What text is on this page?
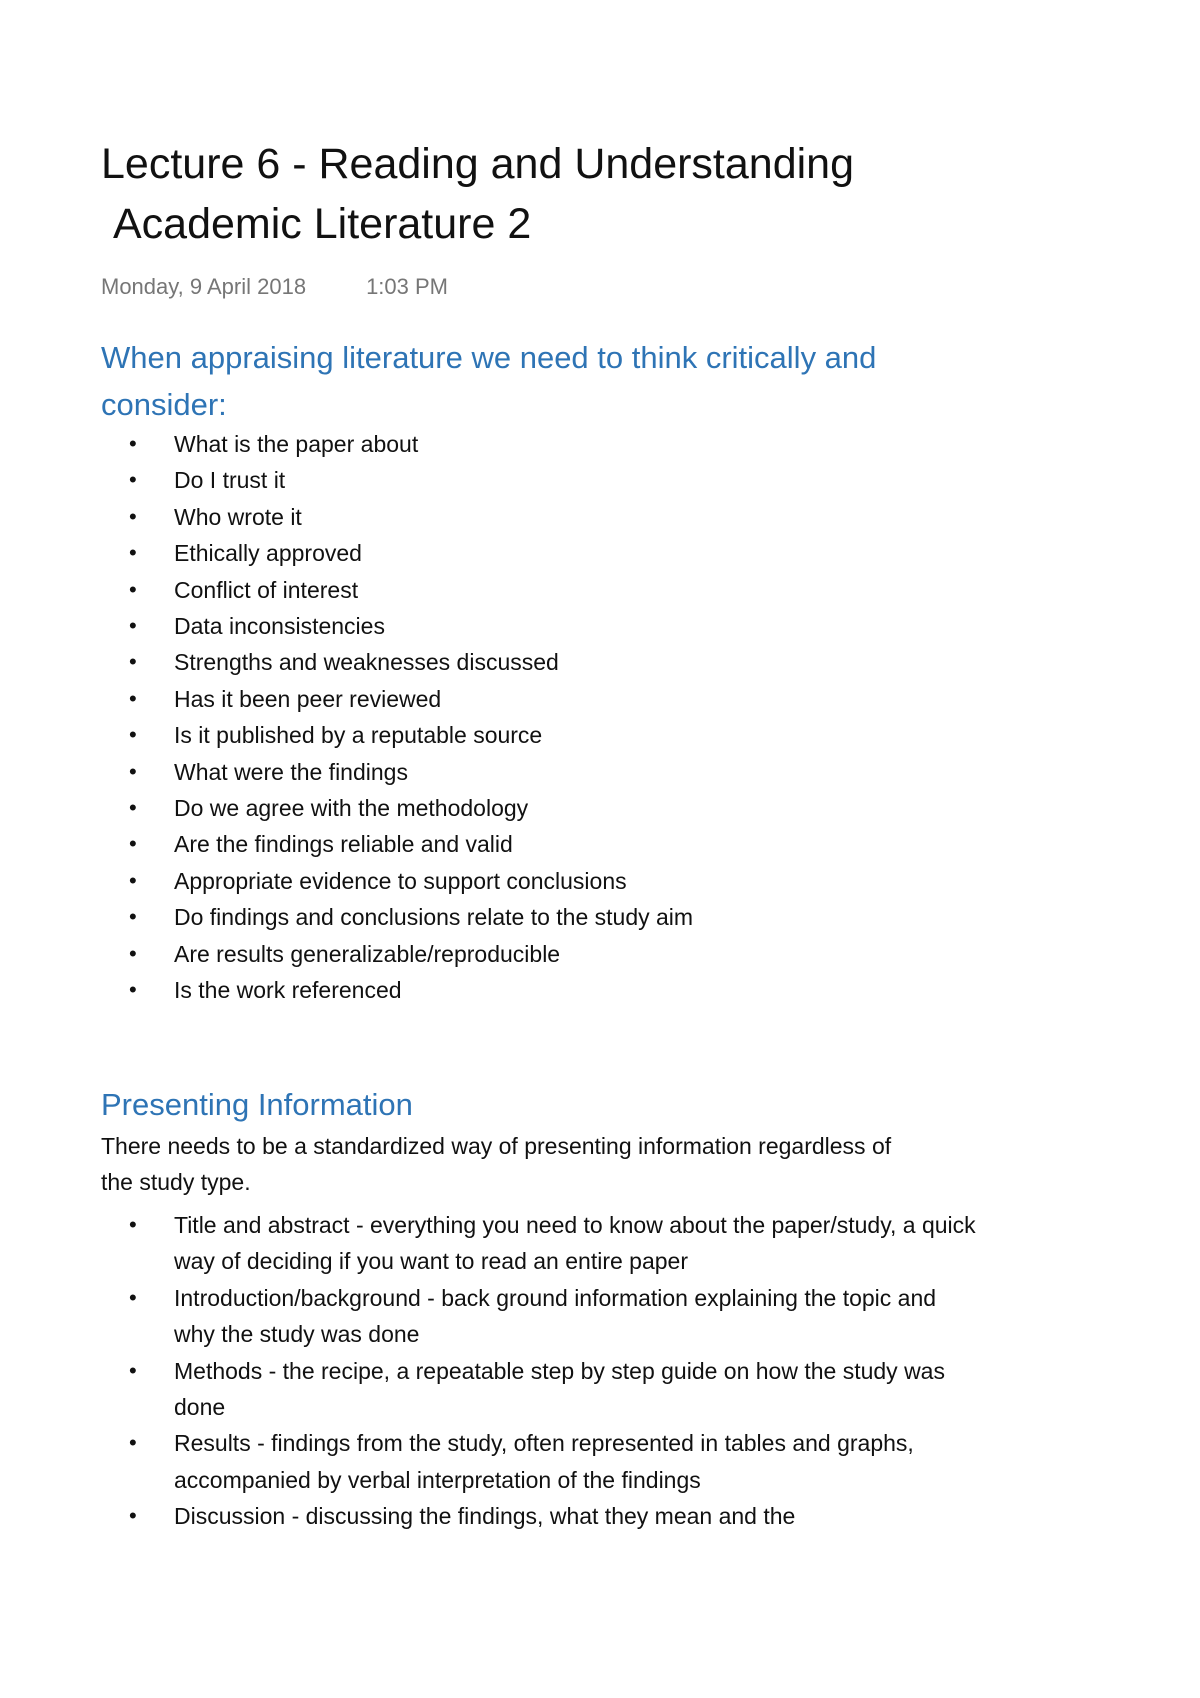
Lecture 6 - Reading and Understanding
Academic Literature 2
Monday, 9 April 2018	1:03 PM
When appraising literature we need to think critically and consider:
• What is the paper about
• Do I trust it
• Who wrote it
• Ethically approved
• Conflict of interest
• Data inconsistencies
• Strengths and weaknesses discussed
• Has it been peer reviewed
• Is it published by a reputable source
• What were the findings
• Do we agree with the methodology
• Are the findings reliable and valid
• Appropriate evidence to support conclusions
• Do findings and conclusions relate to the study aim
• Are results generalizable/reproducible
• Is the work referenced
Presenting Information

There needs to be a standardized way of presenting information regardless of the study type.

• Title and abstract - everything you need to know about the paper/study, a quick way of deciding if you want to read an entire paper
• Introduction/background - back ground information explaining the topic and why the study was done
• Methods - the recipe, a repeatable step by step guide on how the study was done
• Results - findings from the study, often represented in tables and graphs, accompanied by verbal interpretation of the findings
• Discussion - discussing the findings, what they mean and the
